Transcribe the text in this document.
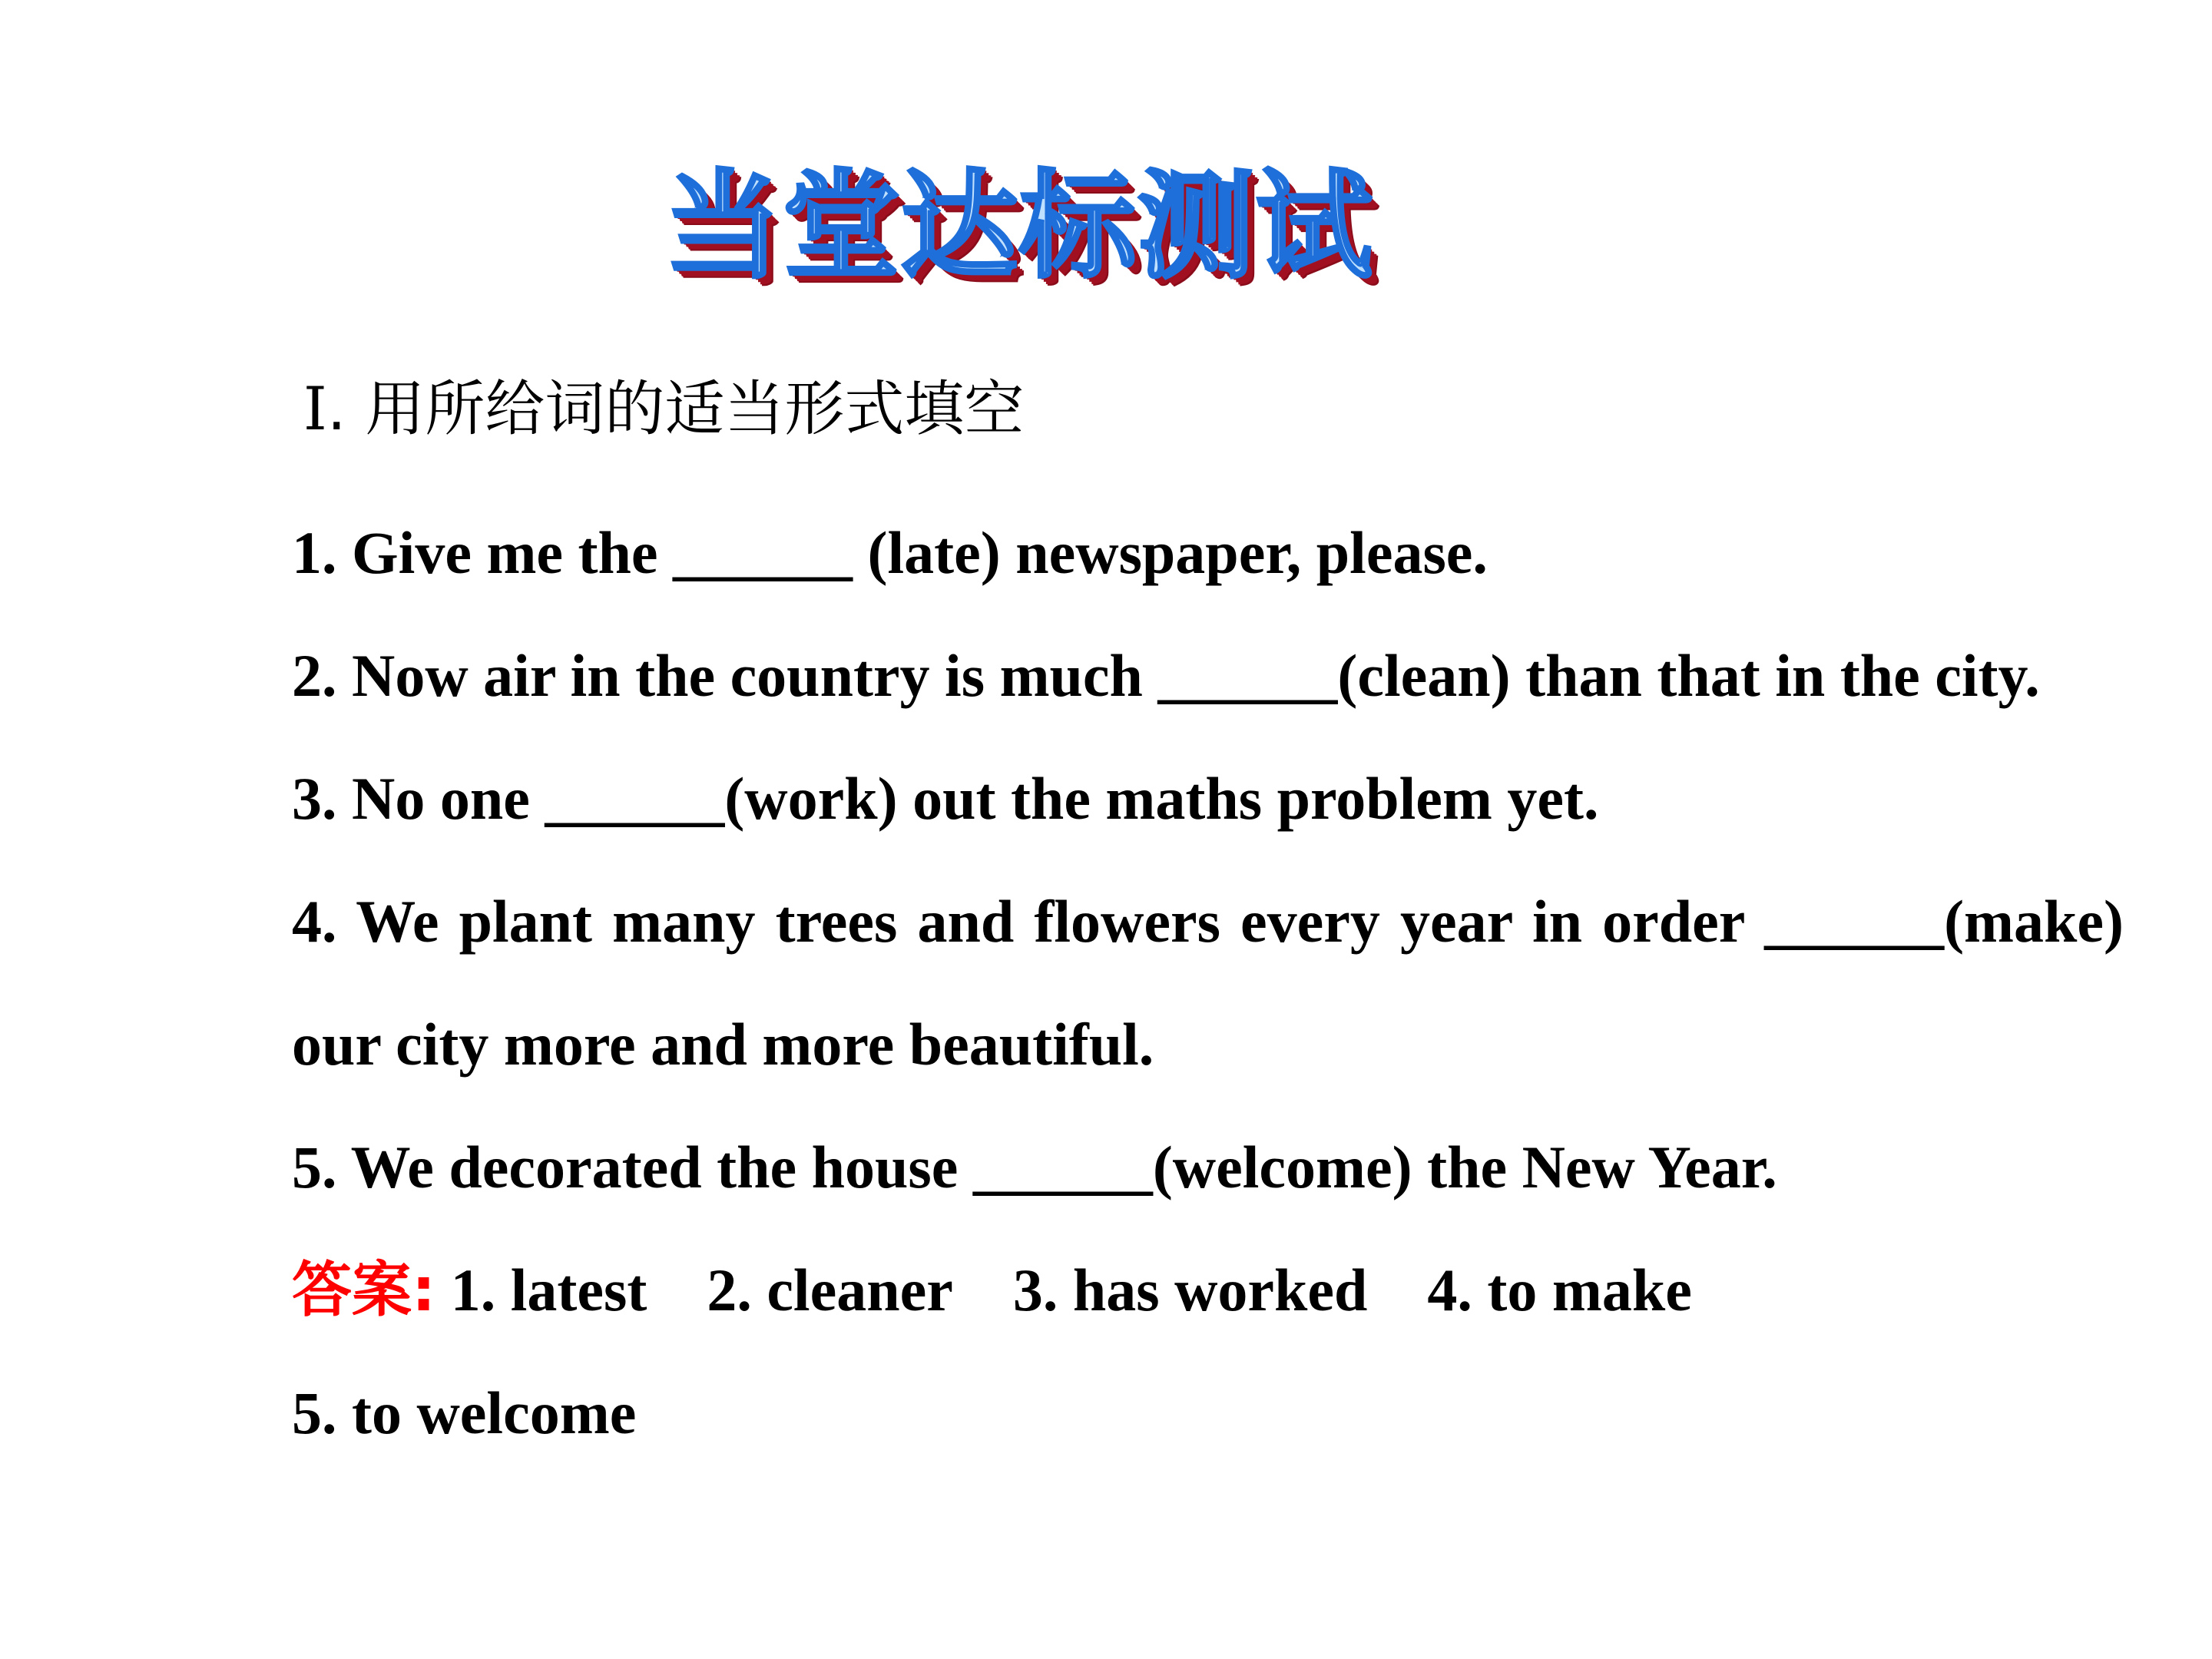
当堂达标测试
Ⅰ. 用所给词的适当形式填空

1. Give me the ______ (late) newspaper, please.

2. Now air in the country is much ______(clean) than that in the city.

3. No one ______(work) out the maths problem yet.

4. We plant many trees and flowers every year in order ______(make) our city more and more beautiful.

5. We decorated the house ______(welcome) the New Year.

答案: 1. latest 2. cleaner 3. has worked 4. to make

5. to welcome
